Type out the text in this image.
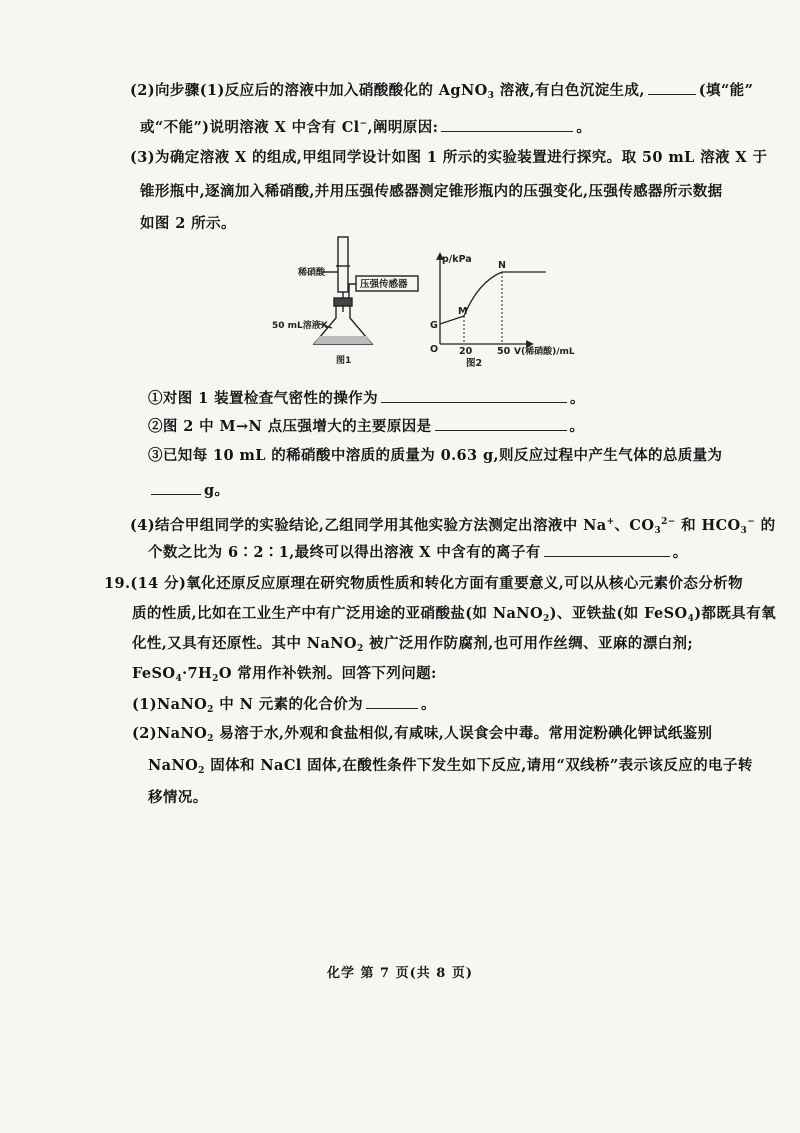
(2)向步骤(1)反应后的溶液中加入硝酸酸化的 AgNO$_3$ 溶液,有白色沉淀生成,	(填“能”
或“不能”)说明溶液 X 中含有 Cl−,阐明原因:	。
(3)为确定溶液 X 的组成,甲组同学设计如图 1 所示的实验装置进行探究。取 50 mL 溶液 X 于
锥形瓶中,逐滴加入稀硝酸,并用压强传感器测定锥形瓶内的压强变化,压强传感器所示数据
如图 2 所示。
稀硝酸
压强传感器
50 mL溶液X
图1
p/kPa
O
G
M
N
20	50 V(稀硝酸)/mL
图2
①对图 1 装置检查气密性的操作为	。
②图 2 中 M→N 点压强增大的主要原因是	。
③已知每 10 mL 的稀硝酸中溶质的质量为 0.63 g,则反应过程中产生气体的总质量为
g。
(4)结合甲组同学的实验结论,乙组同学用其他实验方法测定出溶液中 Na+、$CO_3^{2-}$ 和 $HCO_3^-$ 的
个数之比为 6∶2∶1,最终可以得出溶液 X 中含有的离子有	。
19.(14 分)氧化还原反应原理在研究物质性质和转化方面有重要意义,可以从核心元素价态分析物
质的性质,比如在工业生产中有广泛用途的亚硝酸盐(如 NaNO$_2$)、亚铁盐(如 FeSO$_4$)都既具有氧
化性,又具有还原性。其中 NaNO$_2$ 被广泛用作防腐剂,也可用作丝绸、亚麻的漂白剂;
$FeSO_4\cdot 7H_2O$ 常用作补铁剂。回答下列问题:
(1)NaNO$_2$ 中 N 元素的化合价为	。
(2)NaNO$_2$ 易溶于水,外观和食盐相似,有咸味,人误食会中毒。常用淀粉碘化钾试纸鉴别
NaNO$_2$ 固体和 NaCl 固体,在酸性条件下发生如下反应,请用“双线桥”表示该反应的电子转
移情况。
化学 第 7 页(共 8 页)
